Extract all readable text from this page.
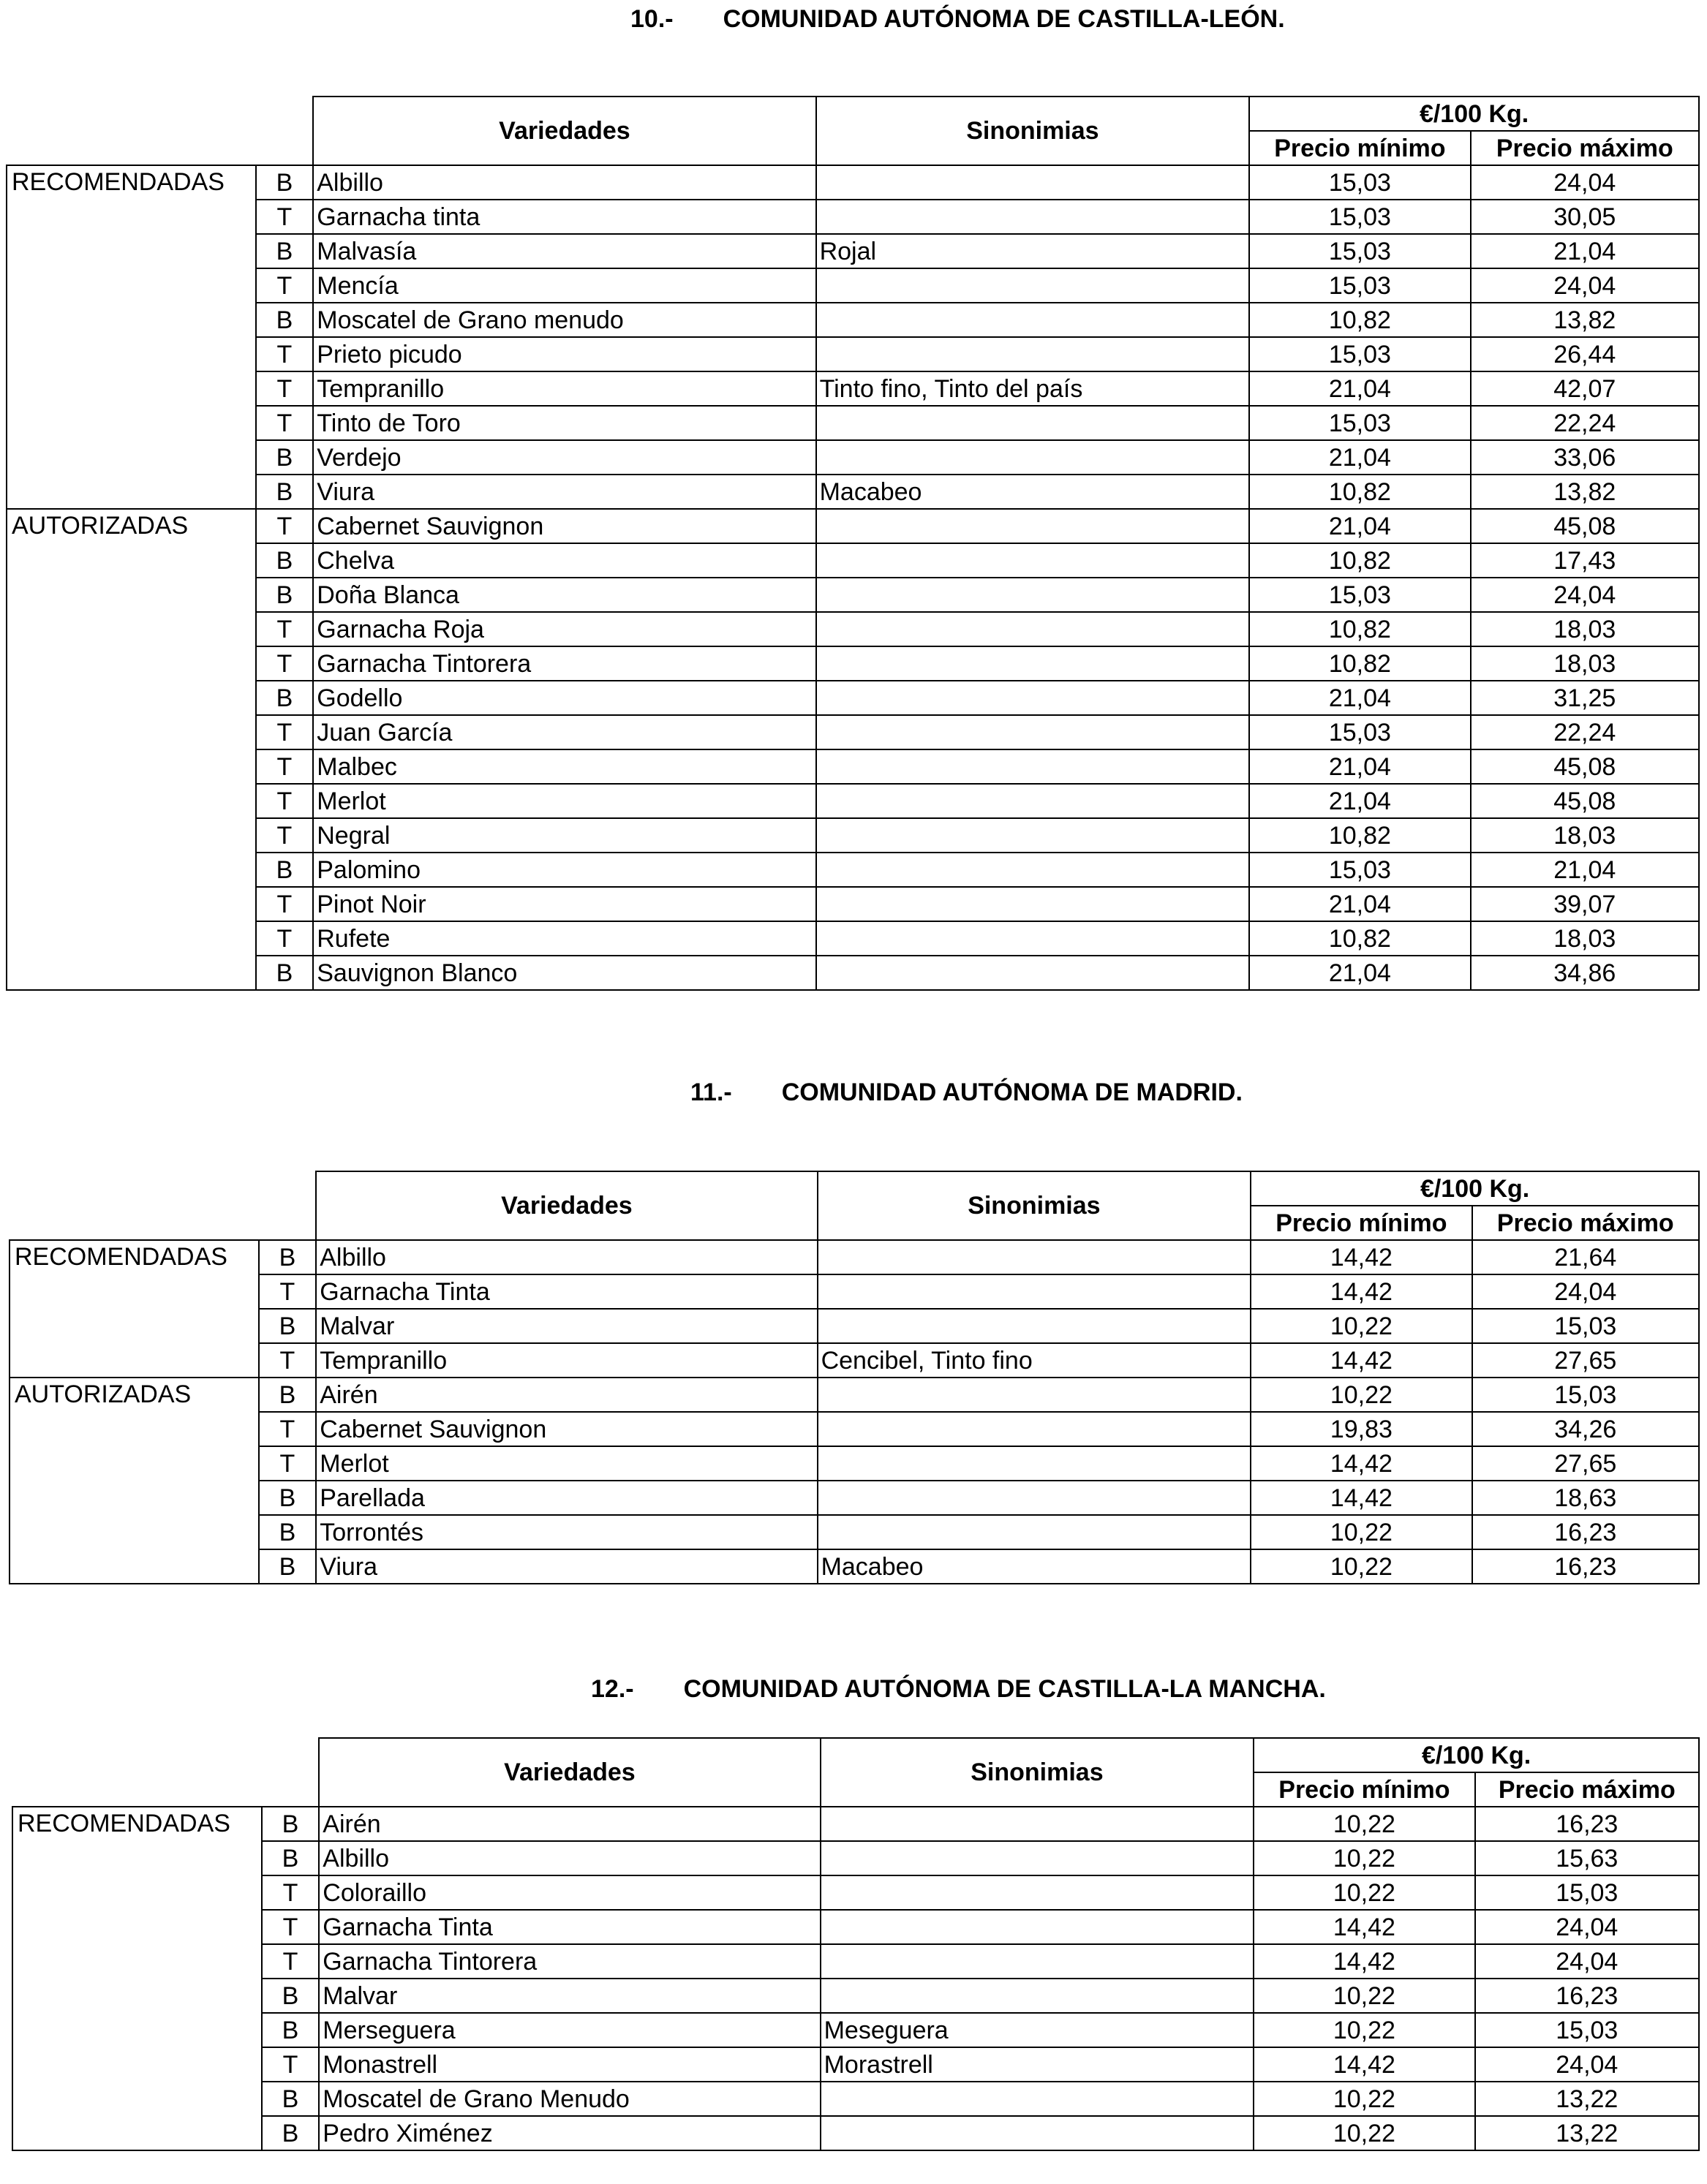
10.- COMUNIDAD AUTÓNOMA DE CASTILLA-LEÓN.
		Variedades	Sinonimias	€/100 Kg.	
				Precio mínimo	Precio máximo
RECOMENDADAS	B	Albillo		15,03	24,04
	T	Garnacha tinta		15,03	30,05
	B	Malvasía	Rojal	15,03	21,04
	T	Mencía		15,03	24,04
	B	Moscatel de Grano menudo		10,82	13,82
	T	Prieto picudo		15,03	26,44
	T	Tempranillo	Tinto fino, Tinto del país	21,04	42,07
	T	Tinto de Toro		15,03	22,24
	B	Verdejo		21,04	33,06
	B	Viura	Macabeo	10,82	13,82
AUTORIZADAS	T	Cabernet Sauvignon		21,04	45,08
	B	Chelva		10,82	17,43
	B	Doña Blanca		15,03	24,04
	T	Garnacha Roja		10,82	18,03
	T	Garnacha Tintorera		10,82	18,03
	B	Godello		21,04	31,25
	T	Juan García		15,03	22,24
	T	Malbec		21,04	45,08
	T	Merlot		21,04	45,08
	T	Negral		10,82	18,03
	B	Palomino		15,03	21,04
	T	Pinot Noir		21,04	39,07
	T	Rufete		10,82	18,03
	B	Sauvignon Blanco		21,04	34,86
11.- COMUNIDAD AUTÓNOMA DE MADRID.
		Variedades	Sinonimias	€/100 Kg.	
				Precio mínimo	Precio máximo
RECOMENDADAS	B	Albillo		14,42	21,64
	T	Garnacha Tinta		14,42	24,04
	B	Malvar		10,22	15,03
	T	Tempranillo	Cencibel, Tinto fino	14,42	27,65
AUTORIZADAS	B	Airén		10,22	15,03
	T	Cabernet Sauvignon		19,83	34,26
	T	Merlot		14,42	27,65
	B	Parellada		14,42	18,63
	B	Torrontés		10,22	16,23
	B	Viura	Macabeo	10,22	16,23
12.- COMUNIDAD AUTÓNOMA DE CASTILLA-LA MANCHA.
		Variedades	Sinonimias	€/100 Kg.	
				Precio mínimo	Precio máximo
RECOMENDADAS	B	Airén		10,22	16,23
	B	Albillo		10,22	15,63
	T	Coloraillo		10,22	15,03
	T	Garnacha Tinta		14,42	24,04
	T	Garnacha Tintorera		14,42	24,04
	B	Malvar		10,22	16,23
	B	Merseguera	Meseguera	10,22	15,03
	T	Monastrell	Morastrell	14,42	24,04
	B	Moscatel de Grano Menudo		10,22	13,22
	B	Pedro Ximénez		10,22	13,22
